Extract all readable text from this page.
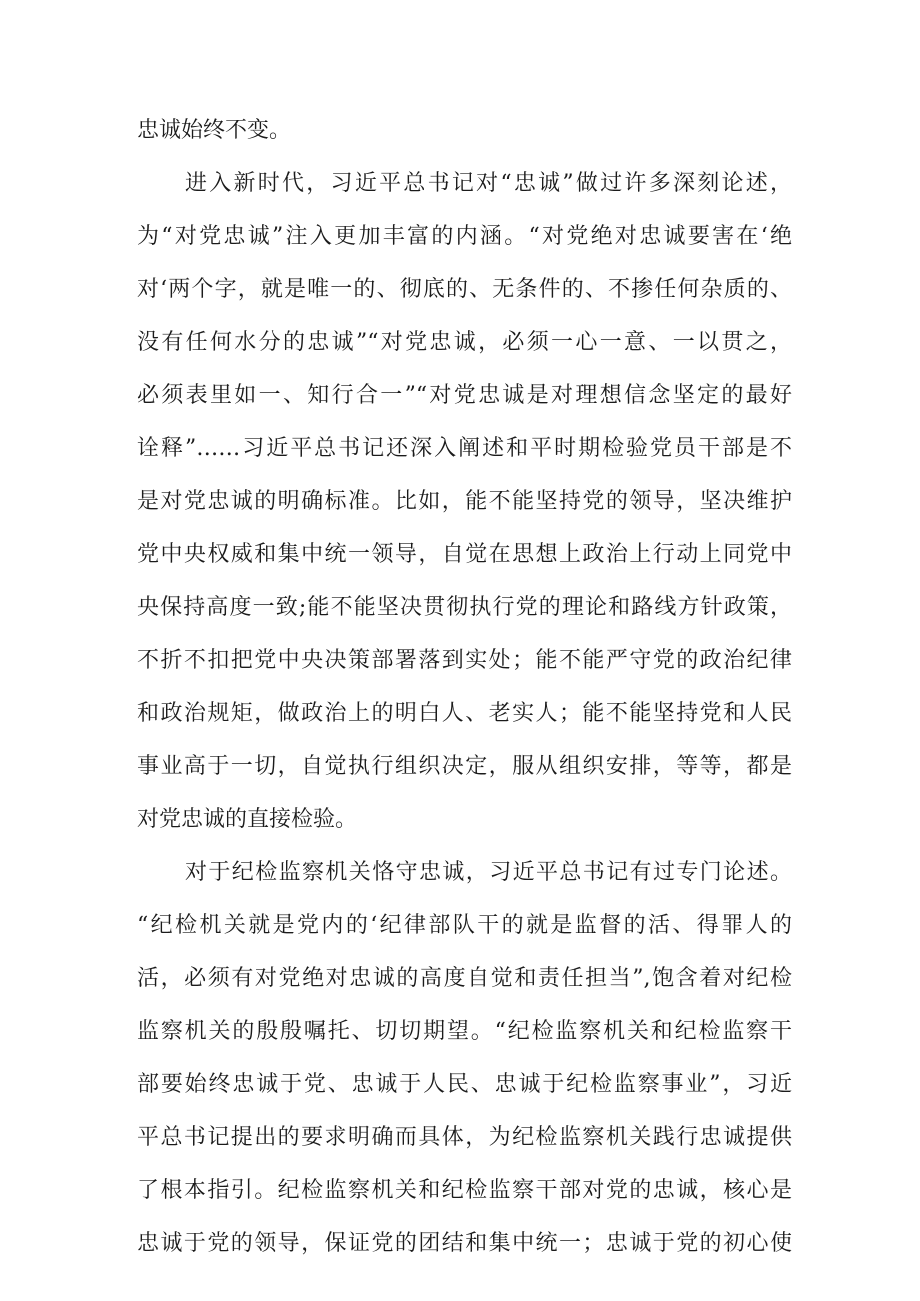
忠诚始终不变。
进入新时代，习近平总书记对“忠诚”做过许多深刻论述，
为“对党忠诚”注入更加丰富的内涵。“对党绝对忠诚要害在‘绝
对‘两个字，就是唯一的、彻底的、无条件的、不掺任何杂质的、
没有任何水分的忠诚”“对党忠诚，必须一心一意、一以贯之，
必须表里如一、知行合一”“对党忠诚是对理想信念坚定的最好
诠释”……习近平总书记还深入阐述和平时期检验党员干部是不
是对党忠诚的明确标准。比如，能不能坚持党的领导，坚决维护
党中央权威和集中统一领导，自觉在思想上政治上行动上同党中
央保持高度一致;能不能坚决贯彻执行党的理论和路线方针政策，
不折不扣把党中央决策部署落到实处；能不能严守党的政治纪律
和政治规矩，做政治上的明白人、老实人；能不能坚持党和人民
事业高于一切，自觉执行组织决定，服从组织安排，等等，都是
对党忠诚的直接检验。
对于纪检监察机关恪守忠诚，习近平总书记有过专门论述。
“纪检机关就是党内的‘纪律部队干的就是监督的活、得罪人的
活，必须有对党绝对忠诚的高度自觉和责任担当”,饱含着对纪检
监察机关的殷殷嘱托、切切期望。“纪检监察机关和纪检监察干
部要始终忠诚于党、忠诚于人民、忠诚于纪检监察事业”，习近
平总书记提出的要求明确而具体，为纪检监察机关践行忠诚提供
了根本指引。纪检监察机关和纪检监察干部对党的忠诚，核心是
忠诚于党的领导，保证党的团结和集中统一；忠诚于党的初心使
